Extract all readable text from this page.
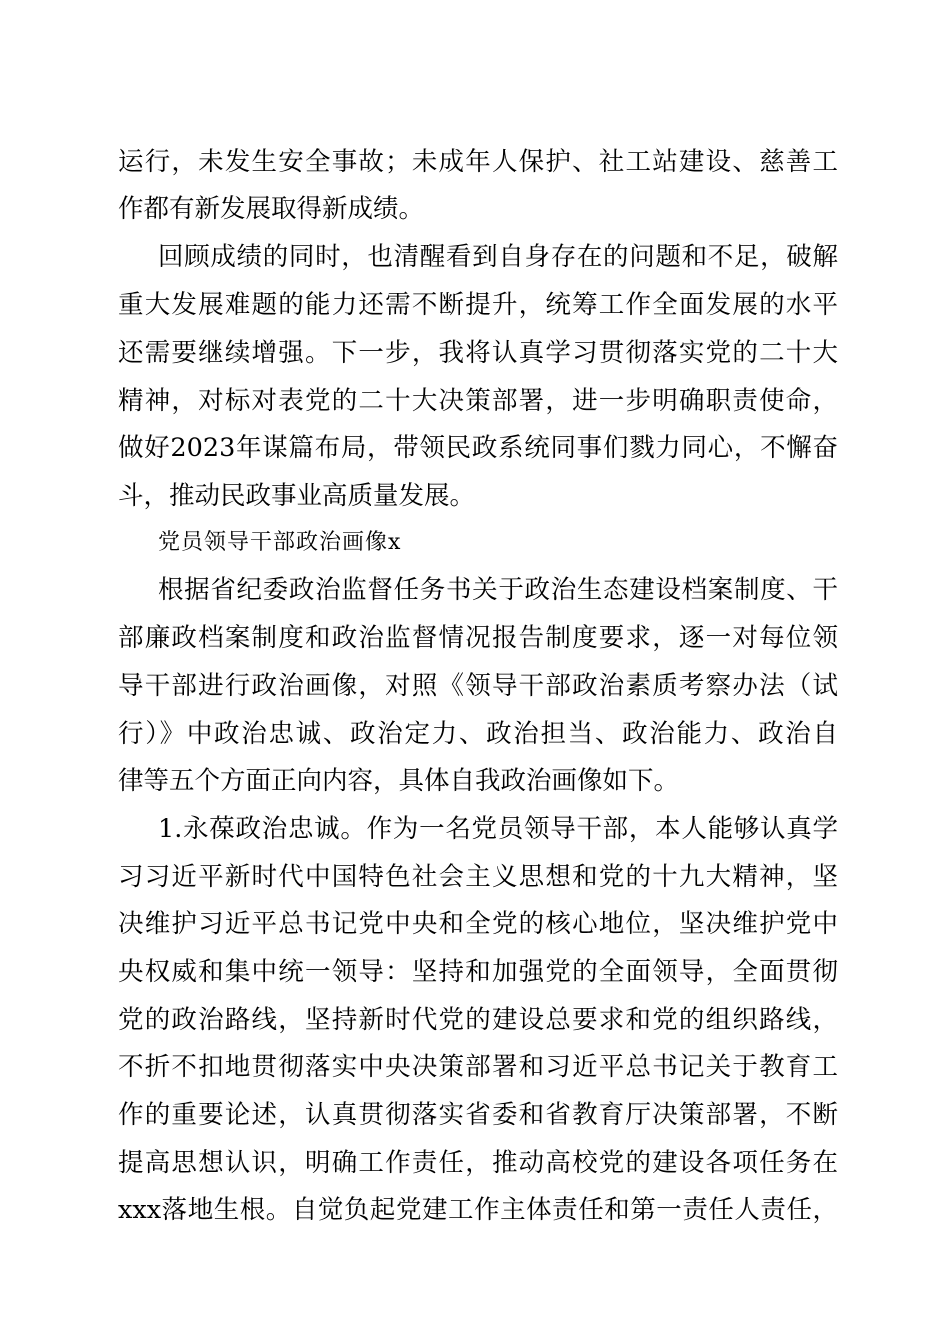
运行，未发生安全事故；未成年人保护、社工站建设、慈善工
作都有新发展取得新成绩。
回顾成绩的同时，也清醒看到自身存在的问题和不足，破解
重大发展难题的能力还需不断提升，统筹工作全面发展的水平
还需要继续增强。下一步，我将认真学习贯彻落实党的二十大
精神，对标对表党的二十大决策部署，进一步明确职责使命，
做好2023年谋篇布局，带领民政系统同事们戮力同心，不懈奋
斗，推动民政事业高质量发展。
党员领导干部政治画像x
根据省纪委政治监督任务书关于政治生态建设档案制度、干
部廉政档案制度和政治监督情况报告制度要求，逐一对每位领
导干部进行政治画像，对照《领导干部政治素质考察办法（试
行）》中政治忠诚、政治定力、政治担当、政治能力、政治自
律等五个方面正向内容，具体自我政治画像如下。
1.永葆政治忠诚。作为一名党员领导干部，本人能够认真学
习习近平新时代中国特色社会主义思想和党的十九大精神，坚
决维护习近平总书记党中央和全党的核心地位，坚决维护党中
央权威和集中统一领导：坚持和加强党的全面领导，全面贯彻
党的政治路线，坚持新时代党的建设总要求和党的组织路线，
不折不扣地贯彻落实中央决策部署和习近平总书记关于教育工
作的重要论述，认真贯彻落实省委和省教育厅决策部署，不断
提高思想认识，明确工作责任，推动高校党的建设各项任务在
xxx落地生根。自觉负起党建工作主体责任和第一责任人责任，
